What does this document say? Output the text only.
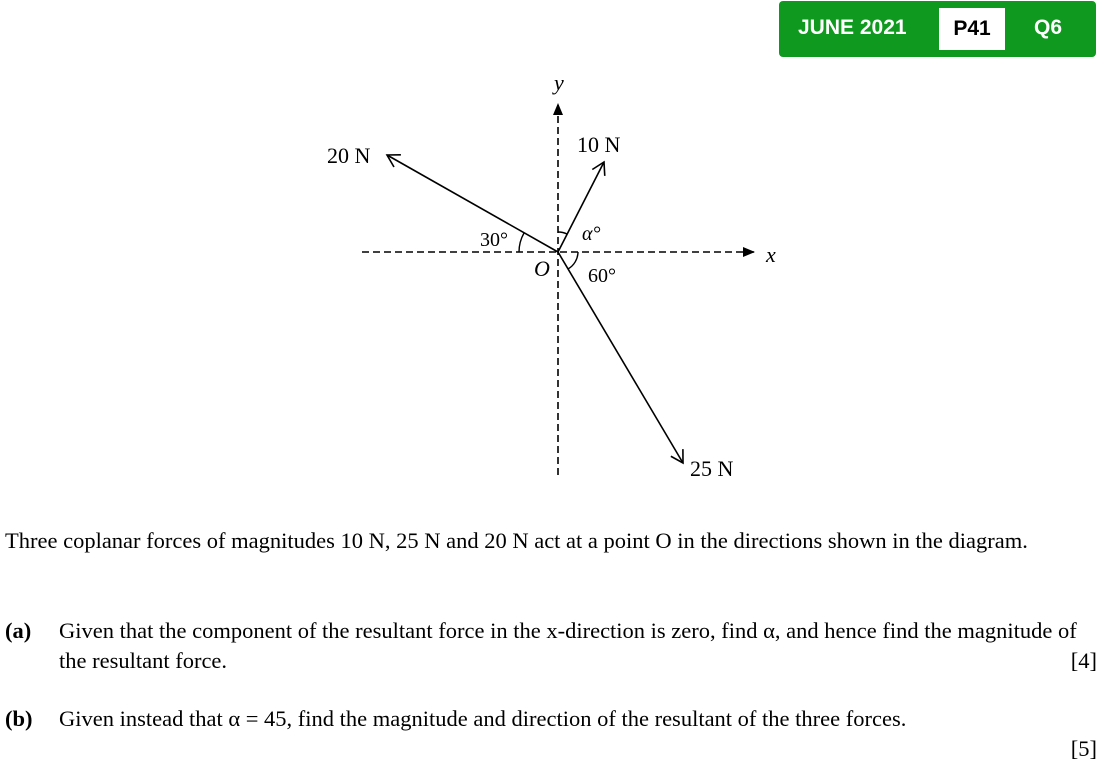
JUNE 2021	P41	Q6
y
x
O
20 N	10 N
25 N
30°	α°
60°

Three coplanar forces of magnitudes 10 N, 25 N and 20 N act at a point O in the directions shown in the diagram.

(a) Given that the component of the resultant force in the x-direction is zero, find α, and hence find the magnitude of the resultant force.	[4]
(b) Given instead that α = 45, find the magnitude and direction of the resultant of the three forces.
[5]
